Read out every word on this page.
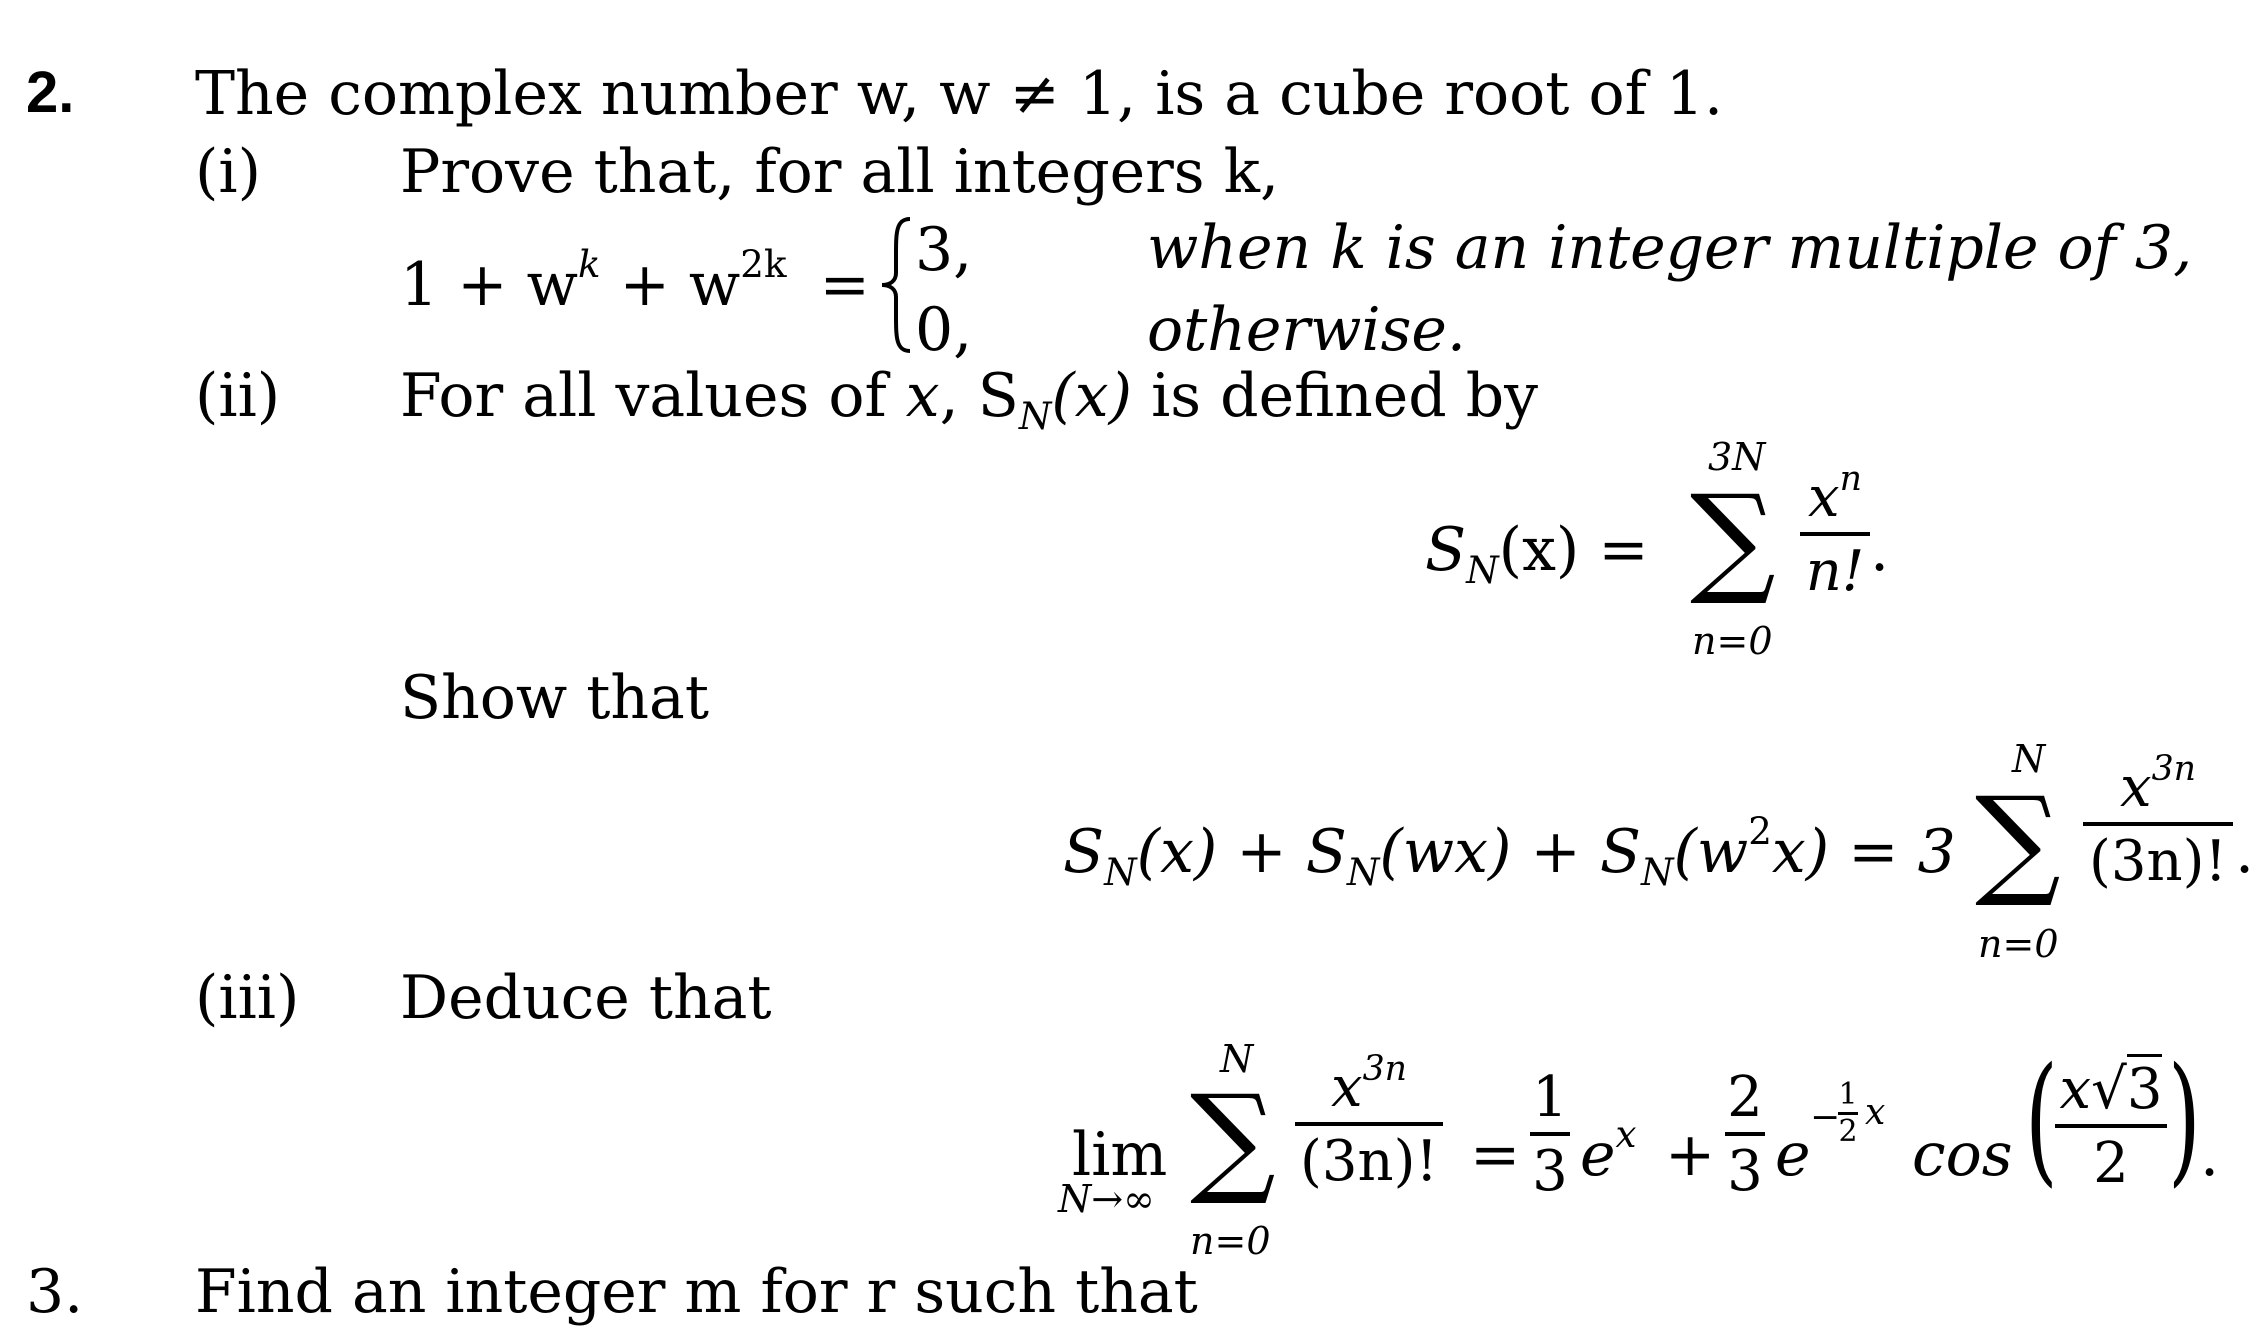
2. The complex number w, w ≠ 1, is a cube root of 1.
(i) Prove that, for all integers k,
$1 + w^k + w^{2k} = 3$,	when k is an integer multiple of 3,
0,	otherwise.
(ii) For all values of x, $S_N(x)$ is defined by
$S_N(x)$ =
3N
∑
n=0
$x^n$
n! .
Show that
$S_N(x) + S_N(wx) + S_N(w^2x) = 3$
N
∑
n=0
$x^{3n}$
(3n)! .
(iii) Deduce that
lim
N→∞
N
∑
n=0
$x^{3n}$
(3n)! =
1
3 $e^x$ +
2
3 e
−
1
2 x
cos ( x√3
2 ) .
3. Find an integer m for r such that
